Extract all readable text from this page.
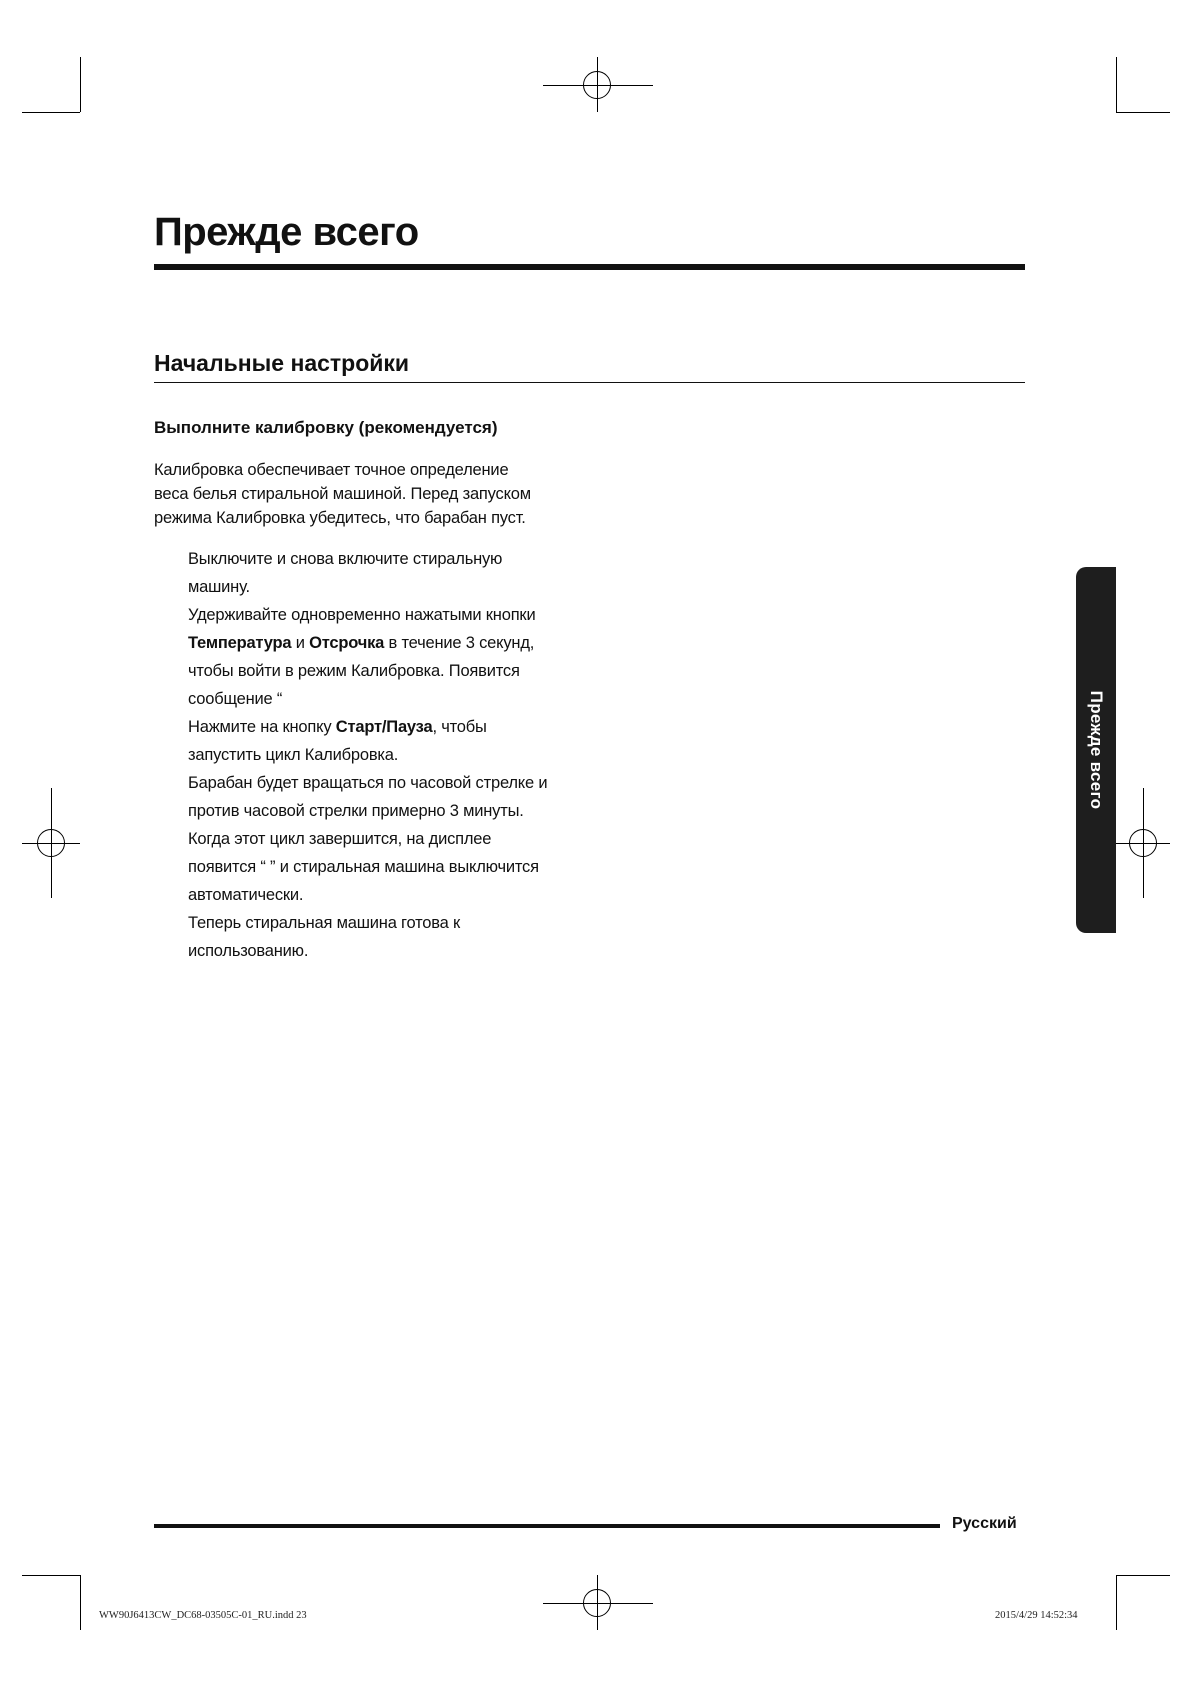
Прежде всего
Начальные настройки
Выполните калибровку (рекомендуется)

Калибровка обеспечивает точное определение
веса белья стиральной машиной. Перед запуском
режима Калибровка убедитесь, что барабан пуст.

Выключите и снова включите стиральную
машину.
Удерживайте одновременно нажатыми кнопки
Температура и Отсрочка в течение 3 секунд,
чтобы войти в режим Калибровка. Появится
сообщение “
Нажмите на кнопку Старт/Пауза, чтобы
запустить цикл Калибровка.
Барабан будет вращаться по часовой стрелке и
против часовой стрелки примерно 3 минуты.
Когда этот цикл завершится, на дисплее
появится “ ” и стиральная машина выключится
автоматически.
Теперь стиральная машина готова к
использованию.
Прежде всего
Русский
WW90J6413CW_DC68-03505C-01_RU.indd 23	2015/4/29 14:52:34
